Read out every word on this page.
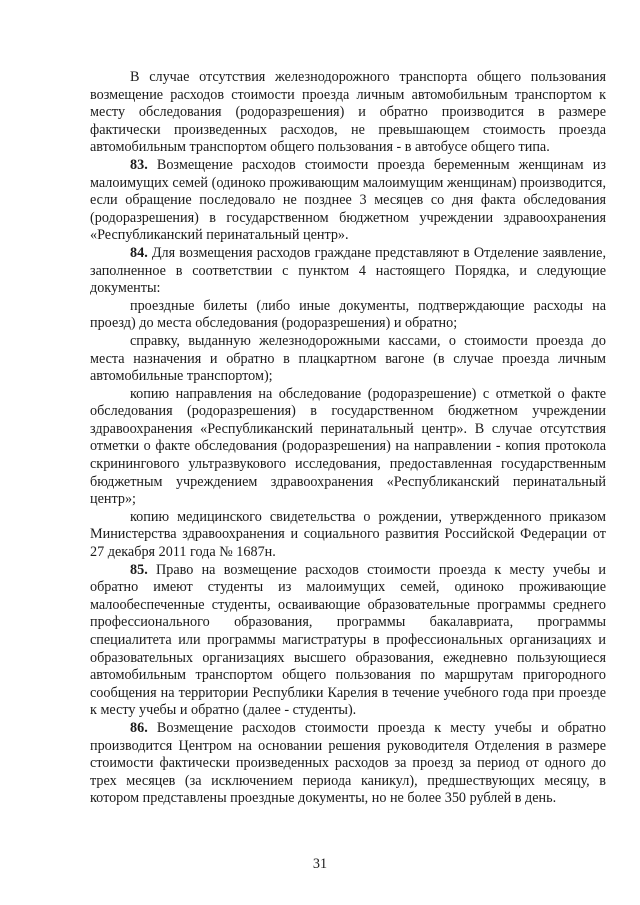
В случае отсутствия железнодорожного транспорта общего пользования возмещение расходов стоимости проезда личным автомобильным транспортом к месту обследования (родоразрешения) и обратно производится в размере фактически произведенных расходов, не превышающем стоимость проезда автомобильным транспортом общего пользования - в автобусе общего типа.

83. Возмещение расходов стоимости проезда беременным женщинам из малоимущих семей (одиноко проживающим малоимущим женщинам) производится, если обращение последовало не позднее 3 месяцев со дня факта обследования (родоразрешения) в государственном бюджетном учреждении здравоохранения «Республиканский перинатальный центр».

84. Для возмещения расходов граждане представляют в Отделение заявление, заполненное в соответствии с пунктом 4 настоящего Порядка, и следующие документы:

проездные билеты (либо иные документы, подтверждающие расходы на проезд) до места обследования (родоразрешения) и обратно;

справку, выданную железнодорожными кассами, о стоимости проезда до места назначения и обратно в плацкартном вагоне (в случае проезда личным автомобильные транспортом);

копию направления на обследование (родоразрешение) с отметкой о факте обследования (родоразрешения) в государственном бюджетном учреждении здравоохранения «Республиканский перинатальный центр». В случае отсутствия отметки о факте обследования (родоразрешения) на направлении - копия протокола скринингового ультразвукового исследования, предоставленная государственным бюджетным учреждением здравоохранения «Республиканский перинатальный центр»;

копию медицинского свидетельства о рождении, утвержденного приказом Министерства здравоохранения и социального развития Российской Федерации от 27 декабря 2011 года № 1687н.

85. Право на возмещение расходов стоимости проезда к месту учебы и обратно имеют студенты из малоимущих семей, одиноко проживающие малообеспеченные студенты, осваивающие образовательные программы среднего профессионального образования, программы бакалавриата, программы специалитета или программы магистратуры в профессиональных организациях и образовательных организациях высшего образования, ежедневно пользующиеся автомобильным транспортом общего пользования по маршрутам пригородного сообщения на территории Республики Карелия в течение учебного года при проезде к месту учебы и обратно (далее - студенты).

86. Возмещение расходов стоимости проезда к месту учебы и обратно производится Центром на основании решения руководителя Отделения в размере стоимости фактически произведенных расходов за проезд за период от одного до трех месяцев (за исключением периода каникул), предшествующих месяцу, в котором представлены проездные документы, но не более 350 рублей в день.

31
